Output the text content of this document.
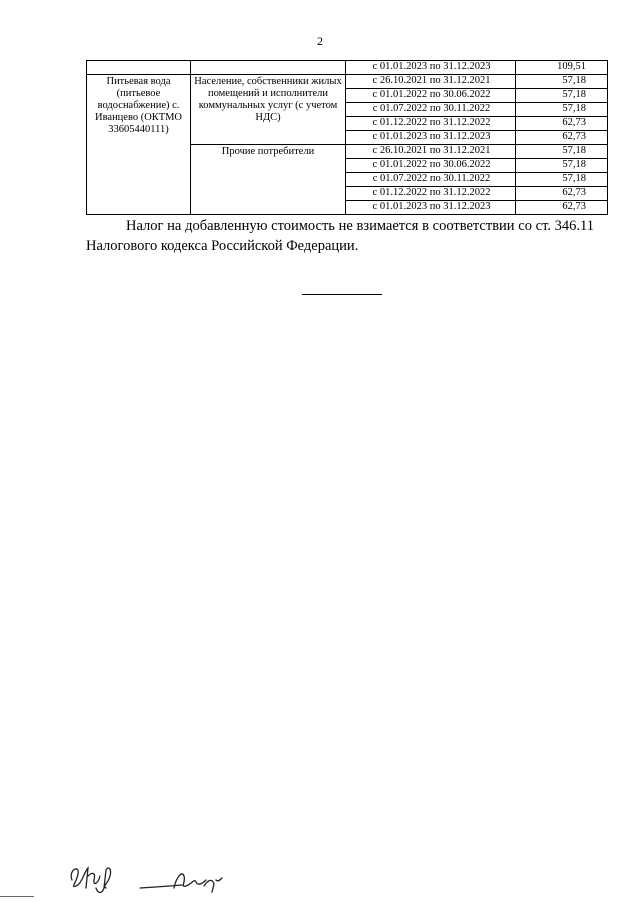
2
		с 01.01.2023 по 31.12.2023	109,51
Питьевая вода (питьевое водоснабжение) с. Иванцево (ОКТМО 33605440111)	Население, собственники жилых помещений и исполнители коммунальных услуг (с учетом НДС)	с 26.10.2021 по 31.12.2021	57,18
		с 01.01.2022 по 30.06.2022	57,18
		с 01.07.2022 по 30.11.2022	57,18
		с 01.12.2022 по 31.12.2022	62,73
		с 01.01.2023 по 31.12.2023	62,73
	Прочие потребители	с 26.10.2021 по 31.12.2021	57,18
		с 01.01.2022 по 30.06.2022	57,18
		с 01.07.2022 по 30.11.2022	57,18
		с 01.12.2022 по 31.12.2022	62,73
		с 01.01.2023 по 31.12.2023	62,73

Налог на добавленную стоимость не взимается в соответствии со ст. 346.11 Налогового кодекса Российской Федерации.
